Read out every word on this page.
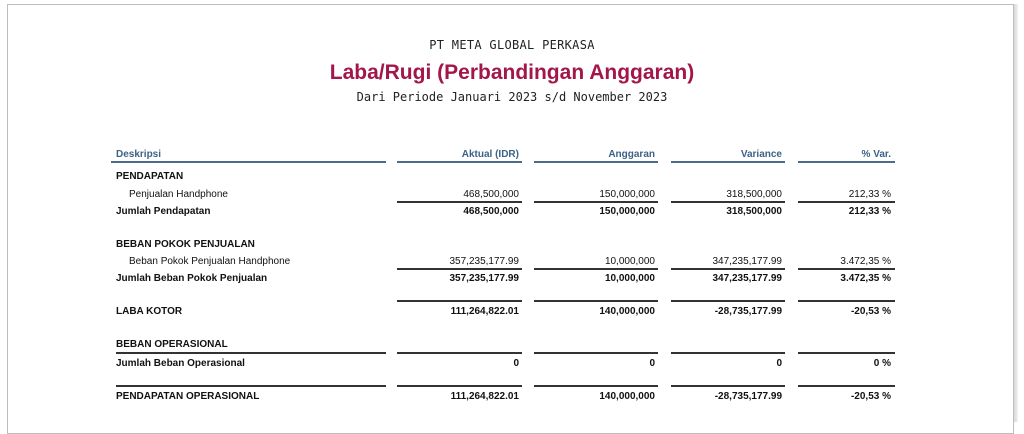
PT META GLOBAL PERKASA
Laba/Rugi (Perbandingan Anggaran)
Dari Periode Januari 2023 s/d November 2023
Deskripsi	Aktual (IDR)	Anggaran	Variance	% Var.
PENDAPATAN
Penjualan Handphone	468,500,000	150,000,000	318,500,000	212,33 %
Jumlah Pendapatan	468,500,000	150,000,000	318,500,000	212,33 %
BEBAN POKOK PENJUALAN
Beban Pokok Penjualan Handphone	357,235,177.99	10,000,000	347,235,177.99	3.472,35 %
Jumlah Beban Pokok Penjualan	357,235,177.99	10,000,000	347,235,177.99	3.472,35 %
LABA KOTOR	111,264,822.01	140,000,000	-28,735,177.99	-20,53 %
BEBAN OPERASIONAL
Jumlah Beban Operasional	0	0	0	0 %
PENDAPATAN OPERASIONAL	111,264,822.01	140,000,000	-28,735,177.99	-20,53 %
